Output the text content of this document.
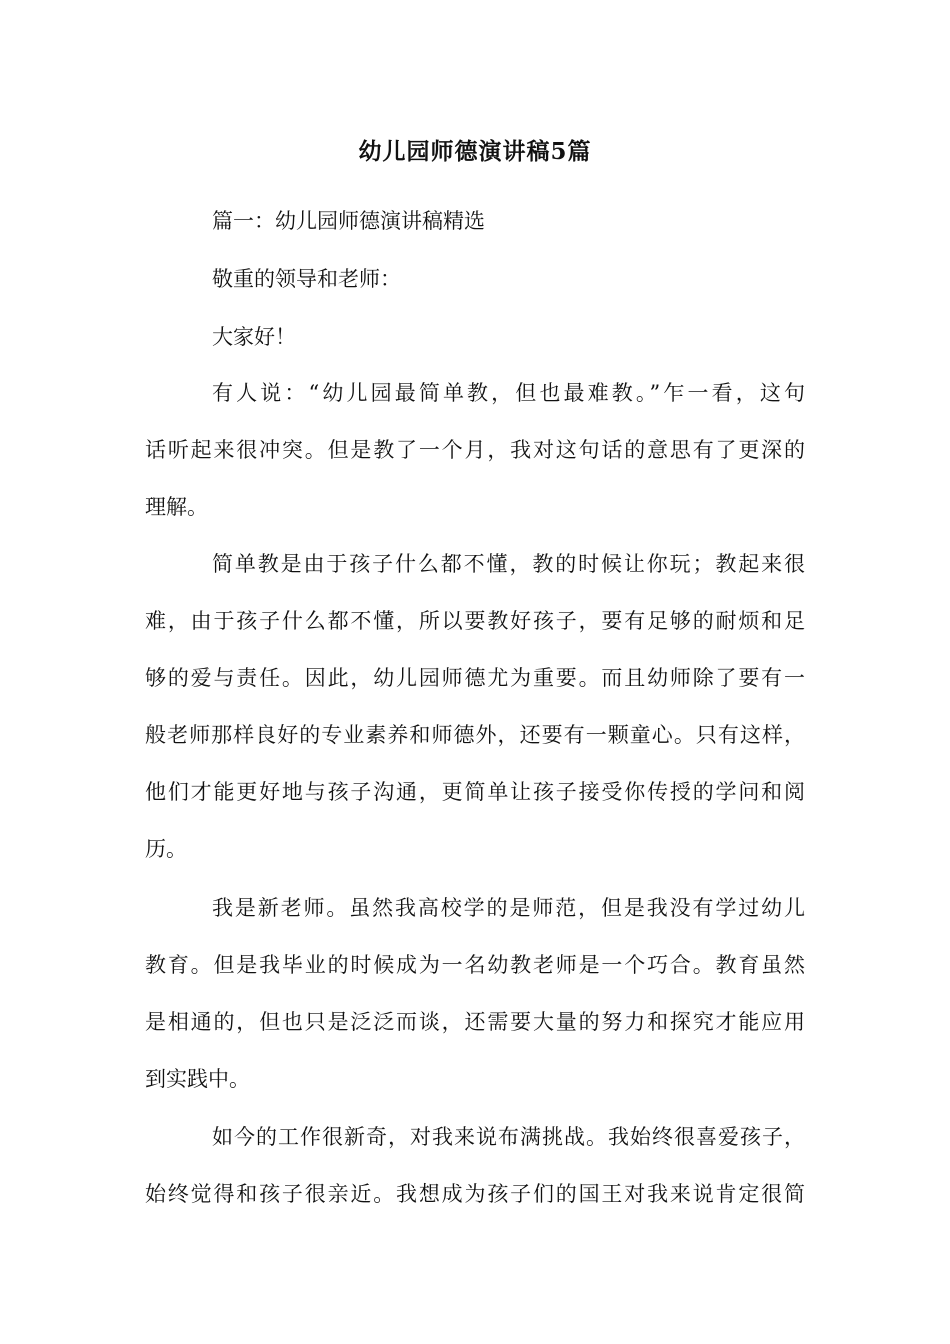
幼儿园师德演讲稿5篇
篇一：幼儿园师德演讲稿精选
敬重的领导和老师：
大家好！
有人说：“幼儿园最简单教，但也最难教。”乍一看，这句
话听起来很冲突。但是教了一个月，我对这句话的意思有了更深的
理解。
简单教是由于孩子什么都不懂，教的时候让你玩；教起来很
难，由于孩子什么都不懂，所以要教好孩子，要有足够的耐烦和足
够的爱与责任。因此，幼儿园师德尤为重要。而且幼师除了要有一
般老师那样良好的专业素养和师德外，还要有一颗童心。只有这样，
他们才能更好地与孩子沟通，更简单让孩子接受你传授的学问和阅
历。
我是新老师。虽然我高校学的是师范，但是我没有学过幼儿
教育。但是我毕业的时候成为一名幼教老师是一个巧合。教育虽然
是相通的，但也只是泛泛而谈，还需要大量的努力和探究才能应用
到实践中。
如今的工作很新奇，对我来说布满挑战。我始终很喜爱孩子，
始终觉得和孩子很亲近。我想成为孩子们的国王对我来说肯定很简
